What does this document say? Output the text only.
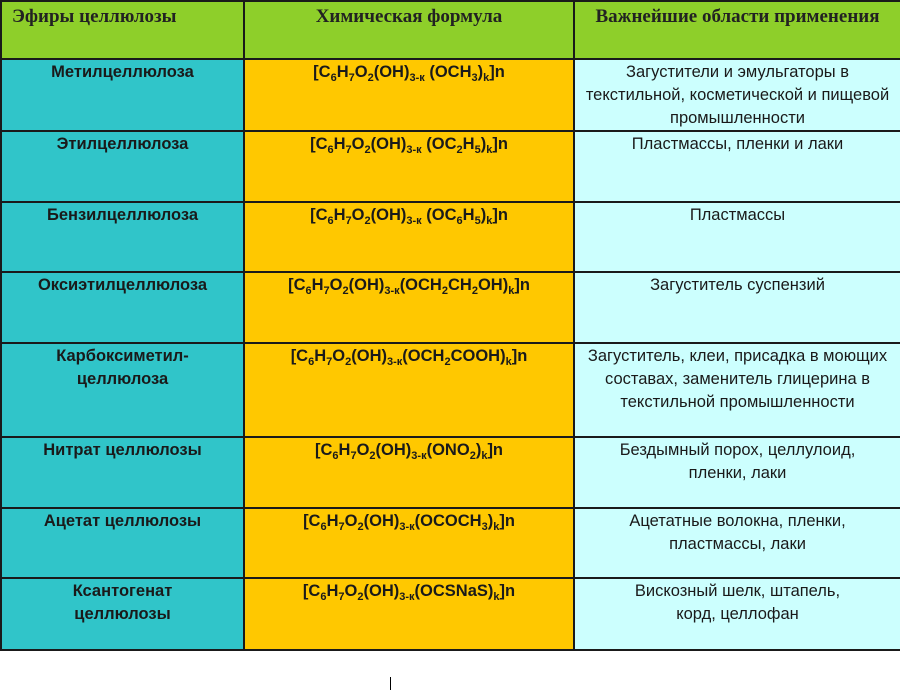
Эфиры целлюлозы	Химическая формула	Важнейшие области применения
Метилцеллюлоза	[$C_6H_7O_2(OH)_{3-к}$ $(OCH_3)_k]n$	Загустители и эмульгаторы в текстильной, косметической и пищевой промышленности
Этилцеллюлоза	[$C_6H_7O_2(OH)_{3-к}$ $(OC_2H_5)_k]n$	Пластмассы, пленки и лаки
Бензилцеллюлоза	[$C_6H_7O_2(OH)_{3-к}$ $(OC_6H_5)_k]n$	Пластмассы
Оксиэтилцеллюлоза	$[C_6H_7O_2(OH)_{3-к}(OCH_2CH_2OH)_k]n$	Загуститель суспензий
Карбоксиметил-целлюлоза	$[C_6H_7O_2(OH)_{3-к}(OCH_2COOH)_k]n$	Загуститель, клеи, присадка в моющих составах, заменитель глицерина в текстильной промышленности
Нитрат целлюлозы	$[C_6H_7O_2(OH)_{3-к}(ONO_2)_k]n$	Бездымный порох, целлулоид, пленки, лаки
Ацетат целлюлозы	$[C_6H_7O_2(OH)_{3-к}(OCOCH_3)_k]n$	Ацетатные волокна, пленки, пластмассы, лаки
Ксантогенат целлюлозы	$[C_6H_7O_2(OH)_{3-к}(OCSNaS)_k]n$	Вискозный шелк, штапель, корд, целлофан
